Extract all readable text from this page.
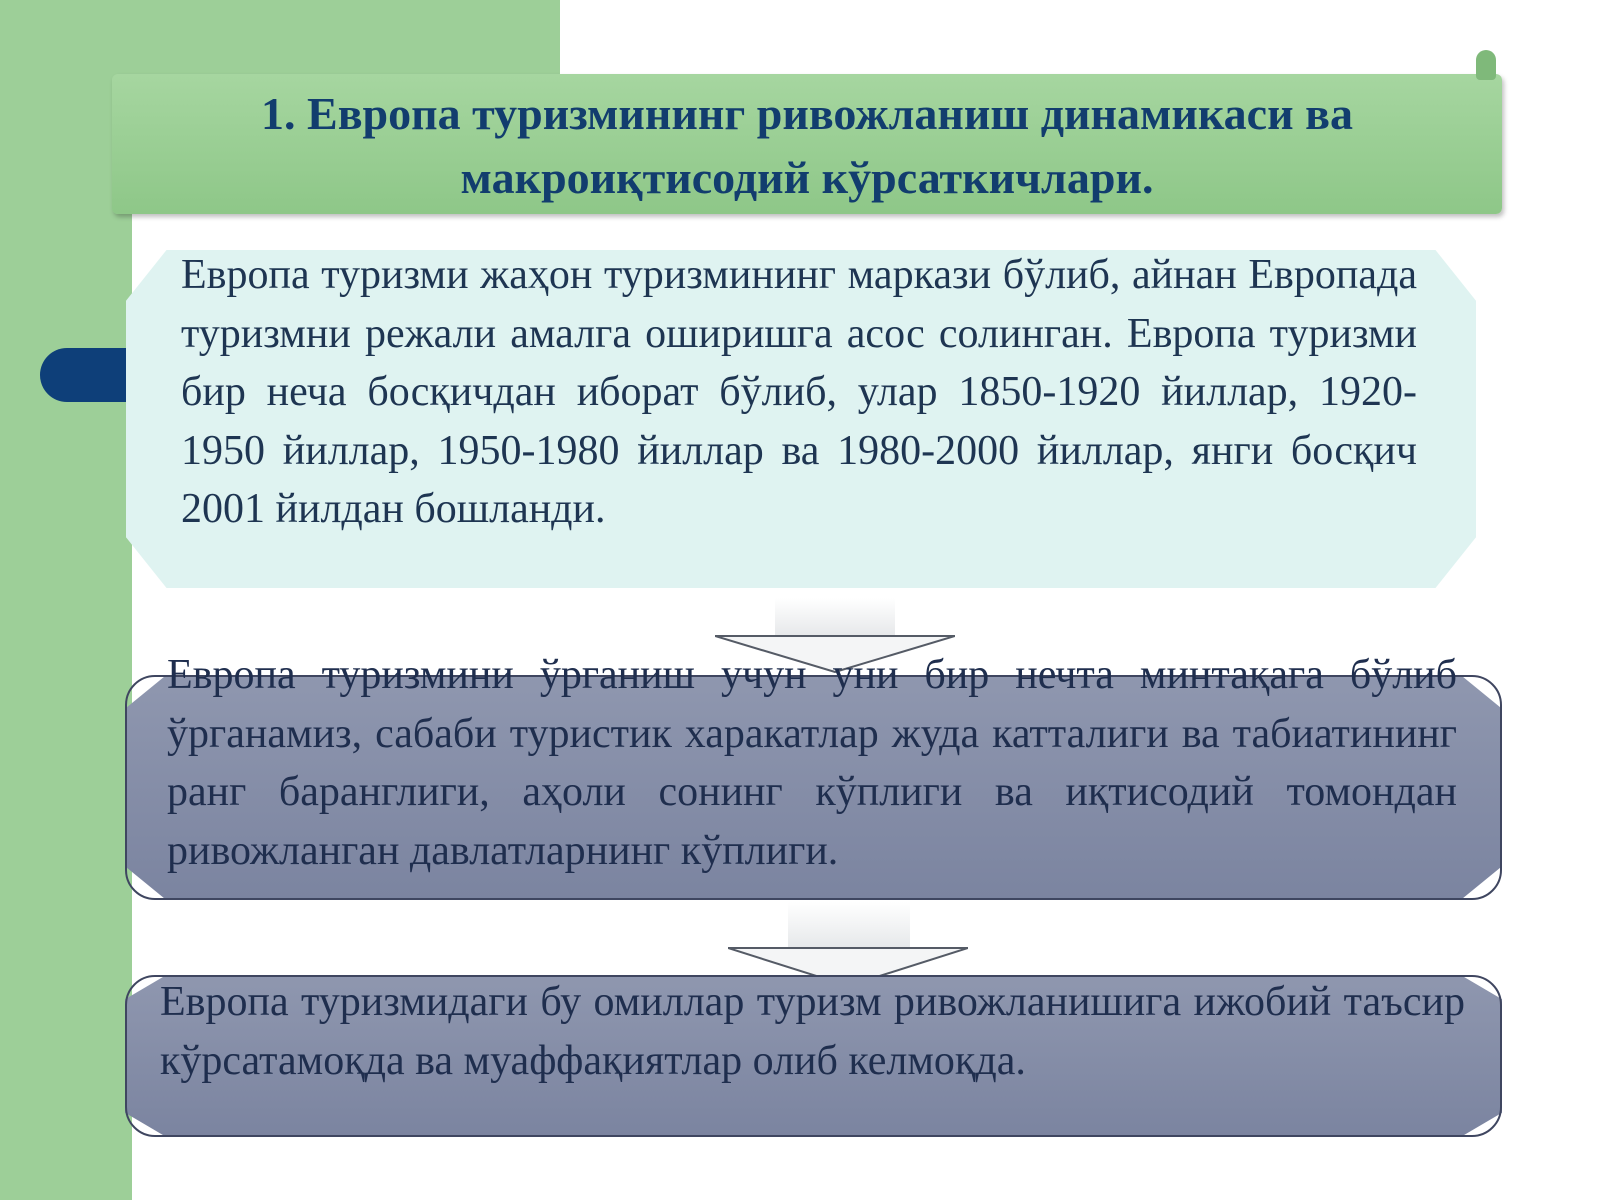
1. Европа туризмининг ривожланиш динамикаси ва
макроиқтисодий кўрсаткичлари.

Европа туризми жаҳон туризмининг маркази бўлиб, айнан Европада туризмни режали амалга оширишга асос солинган. Европа туризми бир неча босқичдан иборат бўлиб, улар 1850-1920 йиллар, 1920-1950 йиллар, 1950-1980 йиллар ва 1980-2000 йиллар, янги босқич 2001 йилдан бошланди.

Европа туризмини ўрганиш учун уни бир нечта минтақага бўлиб ўрганамиз, сабаби туристик харакатлар жуда катталиги ва табиатининг ранг баранглиги, аҳоли сонинг кўплиги ва иқтисодий томондан ривожланган давлатларнинг кўплиги.

Европа туризмидаги бу омиллар туризм ривожланишига ижобий таъсир кўрсатамоқда ва муаффақиятлар олиб келмоқда.
